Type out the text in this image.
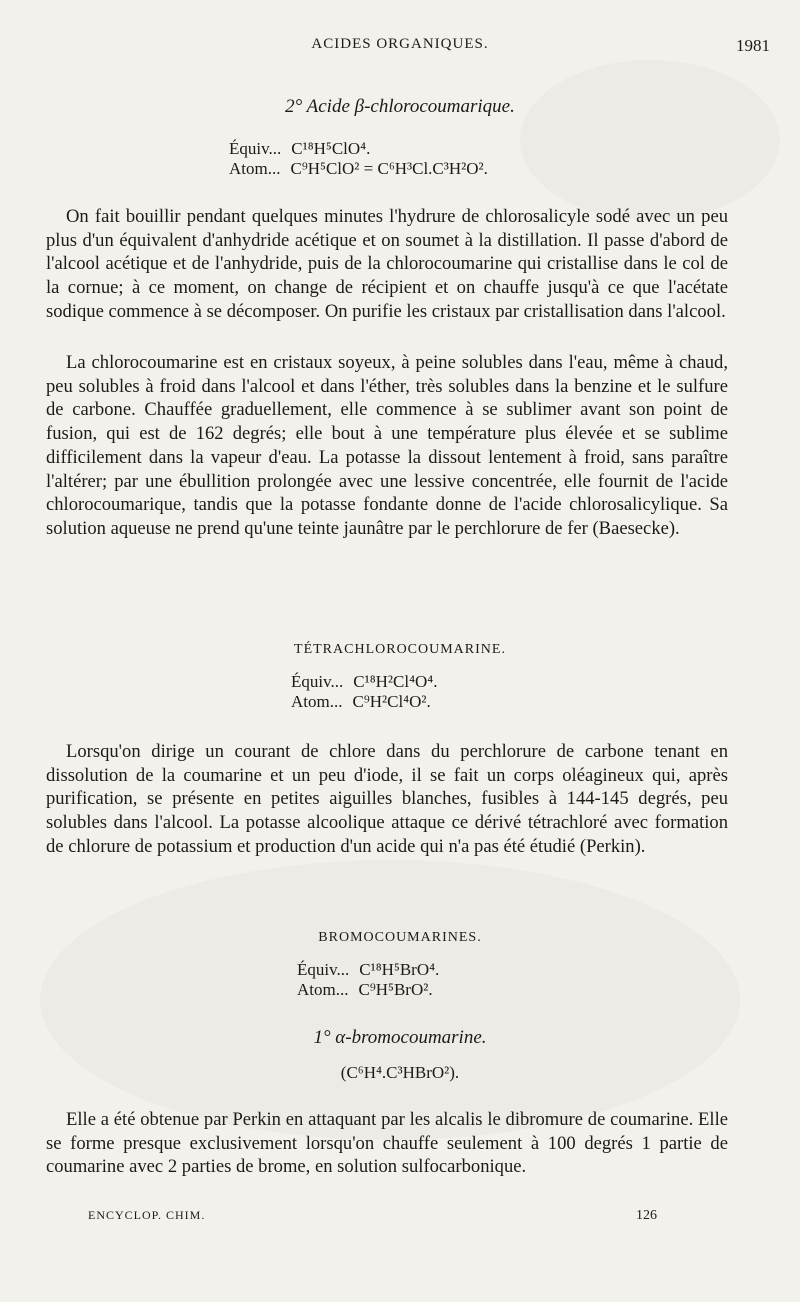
ACIDES ORGANIQUES.	1981
2° Acide β-chlorocoumarique.
Équiv... C¹⁸H⁵ClO⁴.
Atom... C⁹H⁵ClO² = C⁶H³Cl.C³H²O².

On fait bouillir pendant quelques minutes l'hydrure de chlorosalicyle sodé avec un peu plus d'un équivalent d'anhydride acétique et on soumet à la distillation. Il passe d'abord de l'alcool acétique et de l'anhydride, puis de la chlorocoumarine qui cristallise dans le col de la cornue; à ce moment, on change de récipient et on chauffe jusqu'à ce que l'acétate sodique commence à se décomposer. On purifie les cristaux par cristallisation dans l'alcool.

La chlorocoumarine est en cristaux soyeux, à peine solubles dans l'eau, même à chaud, peu solubles à froid dans l'alcool et dans l'éther, très solubles dans la benzine et le sulfure de carbone. Chauffée graduellement, elle commence à se sublimer avant son point de fusion, qui est de 162 degrés; elle bout à une température plus élevée et se sublime difficilement dans la vapeur d'eau. La potasse la dissout lentement à froid, sans paraître l'altérer; par une ébullition prolongée avec une lessive concentrée, elle fournit de l'acide chlorocoumarique, tandis que la potasse fondante donne de l'acide chlorosalicylique. Sa solution aqueuse ne prend qu'une teinte jaunâtre par le perchlorure de fer (Baesecke).

TÉTRACHLOROCOUMARINE.
Équiv... C¹⁸H²Cl⁴O⁴.
Atom... C⁹H²Cl⁴O².

Lorsqu'on dirige un courant de chlore dans du perchlorure de carbone tenant en dissolution de la coumarine et un peu d'iode, il se fait un corps oléagineux qui, après purification, se présente en petites aiguilles blanches, fusibles à 144-145 degrés, peu solubles dans l'alcool. La potasse alcoolique attaque ce dérivé tétrachloré avec formation de chlorure de potassium et production d'un acide qui n'a pas été étudié (Perkin).

BROMOCOUMARINES.
Équiv... C¹⁸H⁵BrO⁴.
Atom... C⁹H⁵BrO².
1° α-bromocoumarine.
(C⁶H⁴.C³HBrO²).

Elle a été obtenue par Perkin en attaquant par les alcalis le dibromure de coumarine. Elle se forme presque exclusivement lorsqu'on chauffe seulement à 100 degrés 1 partie de coumarine avec 2 parties de brome, en solution sulfocarbonique.

ENCYCLOP. CHIM.	126
